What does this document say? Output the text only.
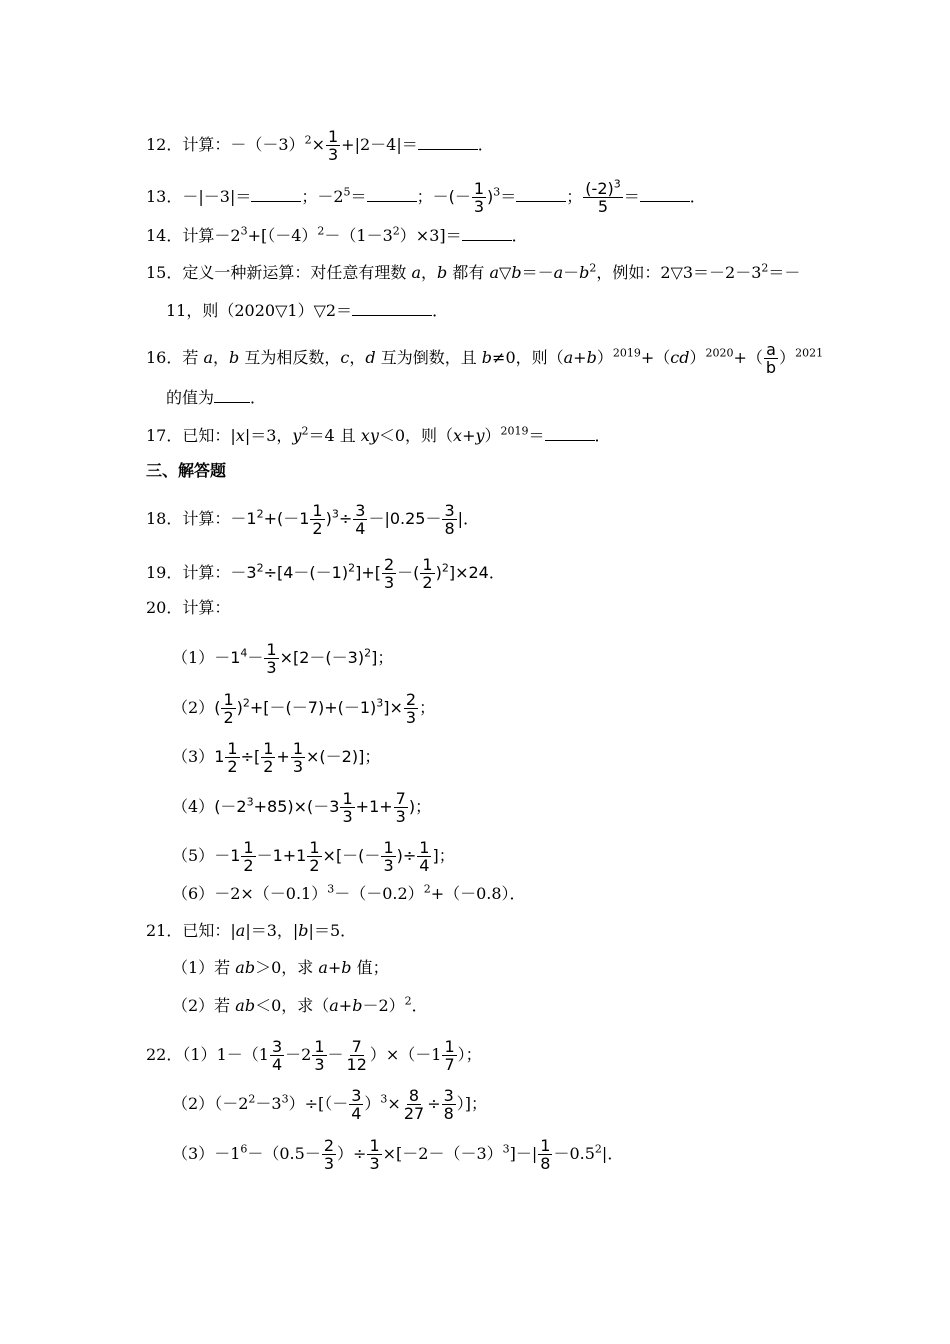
12．计算：$-(-3)^2\times \frac{1}{3} +|2-4|=$	．
13．－|－3|＝	；$-2^5=$	；－(－ $\frac{1}{3} )^3=$	； $\frac{(-2)^3}{5}$ ＝	．
14．计算$-2^3+[(-4)^2-(1-3^2)\times 3]=$	．
15．定义一种新运算：对任意有理数 a，b 都有 $a▽b=-a-b^2$，例如：$2▽3=-2-3^2=-$
11，则（2020▽1）▽2＝	．
16．若 a，b 互为相反数，c，d 互为倒数，且 b≠0，则$(a+b)^{2019}+(cd)^{2020}+( \frac{a}{b} )^{2021}$
的值为 ．
17．已知：|x|＝3，$y^2=4$ 且 xy＜0，则$(x+y)^{2019}=$	．
三、解答题
18．计算：$-1^2+(-1 \frac{1}{2} )^3\div \frac{3}{4} -|0.25- \frac{3}{8}$ |．
19．计算：$-3^2\div[4-(-1)^2]+[ \frac{2}{3}$ －( $\frac{1}{2} )^2]\times 24$．
20．计算：
$(1)-1^4- \frac{1}{3} \times[2-(-3)^2]$；
$(2)( \frac{1}{2} )^2+[-(-7)+(-1)^3]\times \frac{2}{3}$ ；
$(3)1 \frac{1}{2}$ ÷[ $\frac{1}{2} + \frac{1}{3} \times(-2)$]；
$(4)(-2^3+85)\times(-3 \frac{1}{3} +1+ \frac{7}{3}$ )；
$(5)-1 \frac{1}{2} -1+1 \frac{1}{2}$ ×[－(－ $\frac{1}{3}$ )÷ $\frac{1}{4}$ ]；
$(6)-2\times(-0.1)^3-(-0.2)^2+(-0.8)$．
21．已知：|a|＝3，|b|＝5．
（1）若 ab＞0，求 a+b 值；
（2）若 ab＜0，求$(a+b-2)^2$．
22．$(1)1-(1 \frac{3}{4} -2 \frac{1}{3} - \frac{7}{12} )\times(-1 \frac{1}{7}$ ）；
$(2)(-2^2-3^3)\div[(- \frac{3}{4} )^3\times \frac{8}{27} \div \frac{3}{8}$ ）]；
$(3)-1^6-(0.5- \frac{2}{3}$ ）÷ $\frac{1}{3} \times[-2-(-3)^3]-| \frac{1}{8} -0.5^2|$．
